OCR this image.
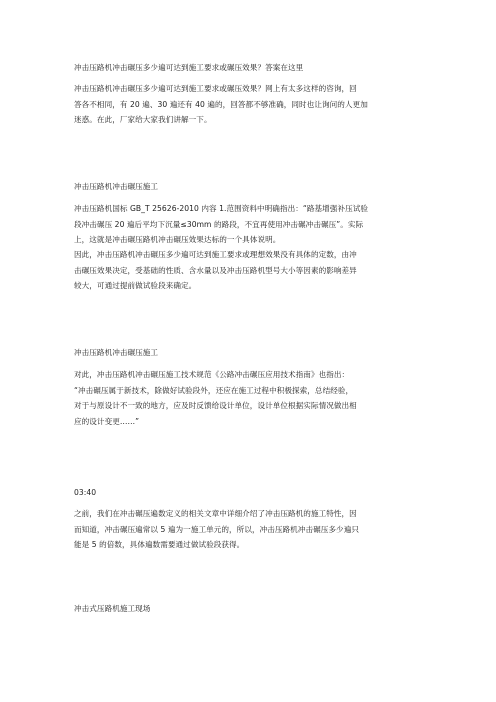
冲击压路机冲击碾压多少遍可达到施工要求或碾压效果？答案在这里
冲击压路机冲击碾压多少遍可达到施工要求或碾压效果？网上有太多这样的咨询，回
答各不相同，有 20 遍、30 遍还有 40 遍的，回答都不够准确，同时也让询问的人更加
迷惑。在此，厂家给大家我们讲解一下。
冲击压路机冲击碾压施工
冲击压路机国标 GB_T 25626-2010 内容 1.范围资料中明确指出：“路基增强补压试验
段冲击碾压 20 遍后平均下沉量≤30mm 的路段，不宜再使用冲击碾冲击碾压”。实际
上，这就是冲击碾压路机冲击碾压效果达标的一个具体说明。
因此，冲击压路机冲击碾压多少遍可达到施工要求或理想效果没有具体的定数，由冲
击碾压效果决定，受基础的性质、含水量以及冲击压路机型号大小等因素的影响差异
较大，可通过提前做试验段来确定。
冲击压路机冲击碾压施工
对此，冲击压路机冲击碾压施工技术规范《公路冲击碾压应用技术指南》也指出：
“冲击碾压属于新技术，除做好试验段外，还应在施工过程中积极探索，总结经验，
对于与原设计不一致的地方，应及时反馈给设计单位，设计单位根据实际情况做出相
应的设计变更……”
03:40
之前，我们在冲击碾压遍数定义的相关文章中详细介绍了冲击压路机的施工特性，因
而知道，冲击碾压遍常以 5 遍为一施工单元的，所以，冲击压路机冲击碾压多少遍只
能是 5 的倍数，具体遍数需要通过做试验段获得。
冲击式压路机施工现场
